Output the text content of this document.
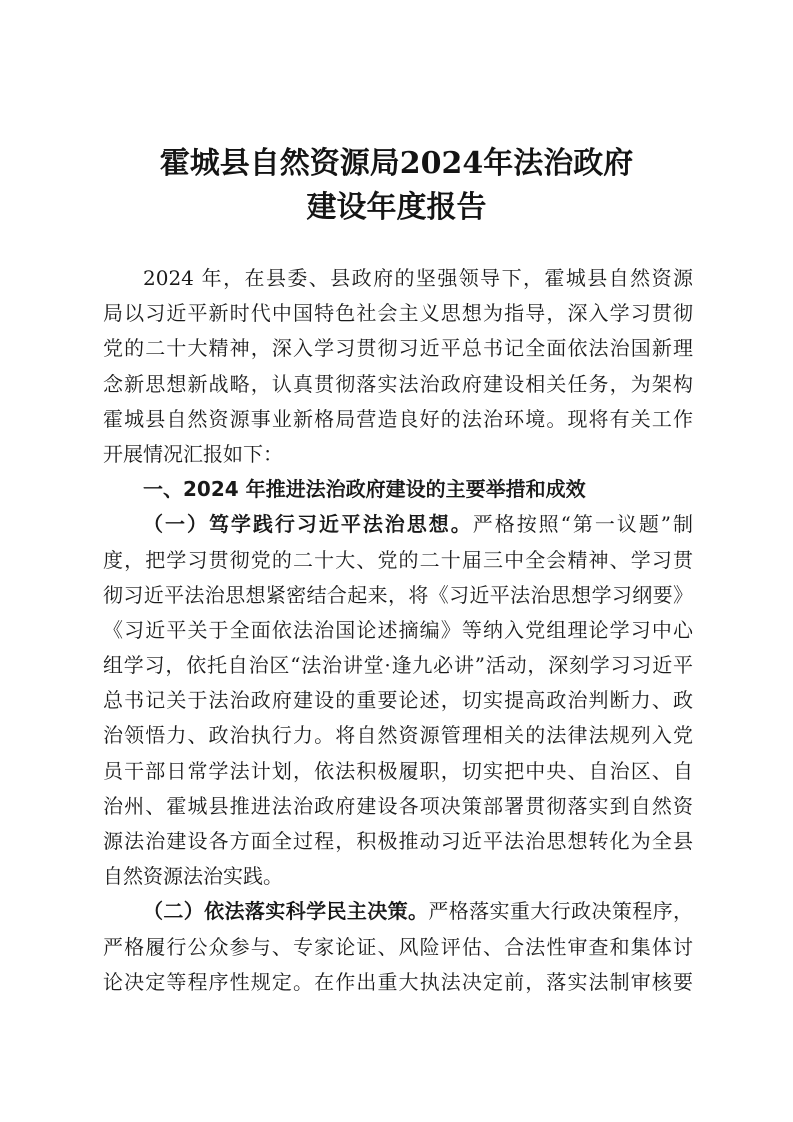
霍城县自然资源局2024年法治政府
建设年度报告
2024 年，在县委、县政府的坚强领导下，霍城县自然资源
局以习近平新时代中国特色社会主义思想为指导，深入学习贯彻
党的二十大精神，深入学习贯彻习近平总书记全面依法治国新理
念新思想新战略，认真贯彻落实法治政府建设相关任务，为架构
霍城县自然资源事业新格局营造良好的法治环境。现将有关工作
开展情况汇报如下：
一、2024 年推进法治政府建设的主要举措和成效
（一）笃学践行习近平法治思想。严格按照“第一议题”制
度，把学习贯彻党的二十大、党的二十届三中全会精神、学习贯
彻习近平法治思想紧密结合起来，将《习近平法治思想学习纲要》
《习近平关于全面依法治国论述摘编》等纳入党组理论学习中心
组学习，依托自治区“法治讲堂·逢九必讲”活动，深刻学习习近平
总书记关于法治政府建设的重要论述，切实提高政治判断力、政
治领悟力、政治执行力。将自然资源管理相关的法律法规列入党
员干部日常学法计划，依法积极履职，切实把中央、自治区、自
治州、霍城县推进法治政府建设各项决策部署贯彻落实到自然资
源法治建设各方面全过程，积极推动习近平法治思想转化为全县
自然资源法治实践。
（二）依法落实科学民主决策。严格落实重大行政决策程序，
严格履行公众参与、专家论证、风险评估、合法性审查和集体讨
论决定等程序性规定。在作出重大执法决定前，落实法制审核要
